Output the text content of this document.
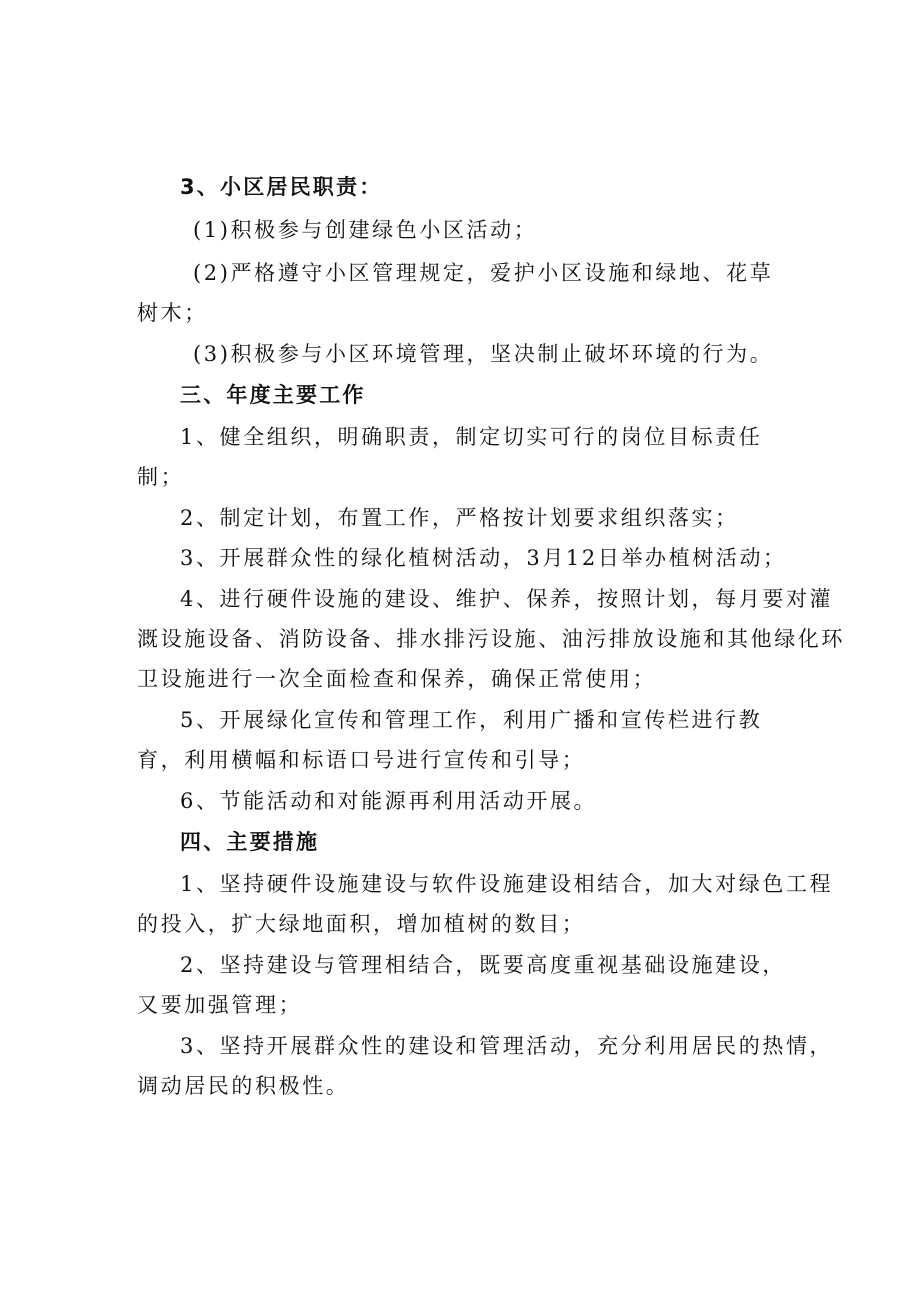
3、小区居民职责：
(1)积极参与创建绿色小区活动；
(2)严格遵守小区管理规定，爱护小区设施和绿地、花草
树木；
(3)积极参与小区环境管理，坚决制止破坏环境的行为。
三、年度主要工作
1、健全组织，明确职责，制定切实可行的岗位目标责任
制；
2、制定计划，布置工作，严格按计划要求组织落实；
3、开展群众性的绿化植树活动，3月12日举办植树活动；
4、进行硬件设施的建设、维护、保养，按照计划，每月要对灌
溉设施设备、消防设备、排水排污设施、油污排放设施和其他绿化环
卫设施进行一次全面检查和保养，确保正常使用；
5、开展绿化宣传和管理工作，利用广播和宣传栏进行教
育，利用横幅和标语口号进行宣传和引导；
6、节能活动和对能源再利用活动开展。
四、主要措施
1、坚持硬件设施建设与软件设施建设相结合，加大对绿色工程
的投入，扩大绿地面积，增加植树的数目；
2、坚持建设与管理相结合，既要高度重视基础设施建设，
又要加强管理；
3、坚持开展群众性的建设和管理活动，充分利用居民的热情，
调动居民的积极性。
